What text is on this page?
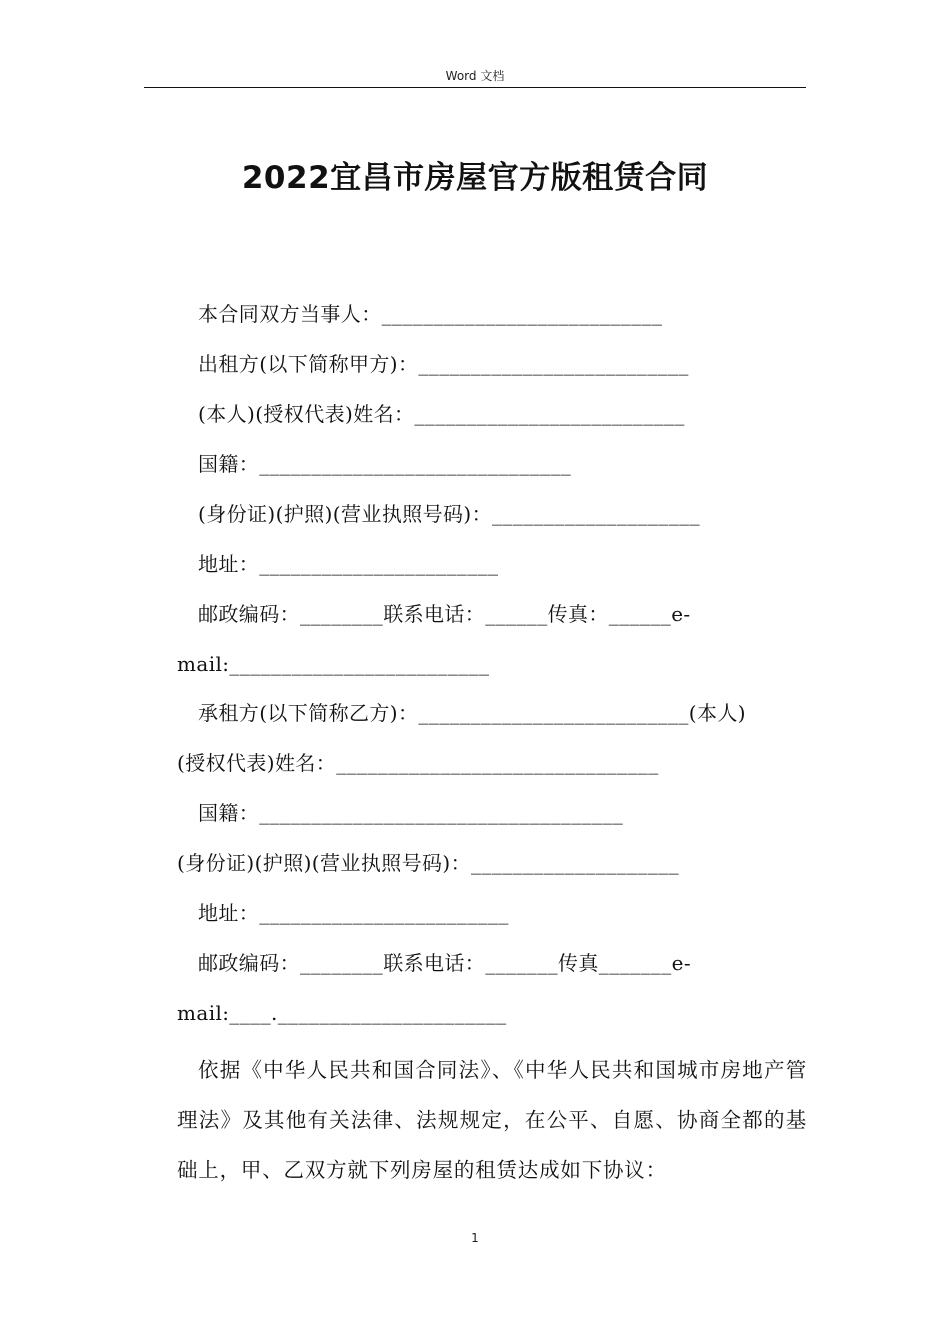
Word 文档
2022宜昌市房屋官方版租赁合同
本合同双方当事人：___________________________
出租方(以下简称甲方)：__________________________
(本人)(授权代表)姓名：__________________________
国籍：______________________________
(身份证)(护照)(营业执照号码)：____________________
地址：_______________________
邮政编码：________联系电话：______传真：______e-
mail:_________________________
承租方(以下简称乙方)：__________________________(本人)
(授权代表)姓名：_______________________________
国籍：___________________________________
(身份证)(护照)(营业执照号码)：____________________
地址：________________________
邮政编码：________联系电话：_______传真_______e-
mail:____.______________________
依据《中华人民共和国合同法》、《中华人民共和国城市房地产管理法》及其他有关法律、法规规定，在公平、自愿、协商全都的基础上，甲、乙双方就下列房屋的租赁达成如下协议：
1
